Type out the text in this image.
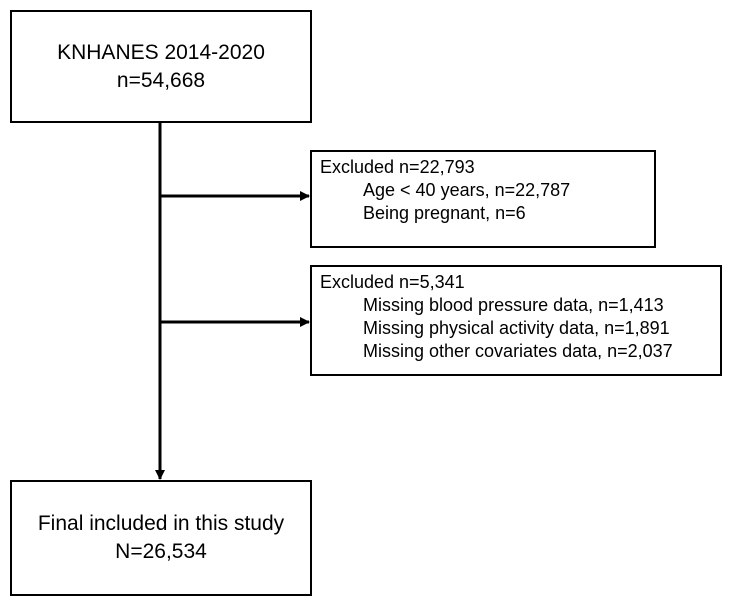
KNHANES 2014-2020
n=54,668
Excluded n=22,793
Age < 40 years, n=22,787
Being pregnant, n=6
Excluded n=5,341
Missing blood pressure data, n=1,413
Missing physical activity data, n=1,891
Missing other covariates data, n=2,037
Final included in this study
N=26,534
